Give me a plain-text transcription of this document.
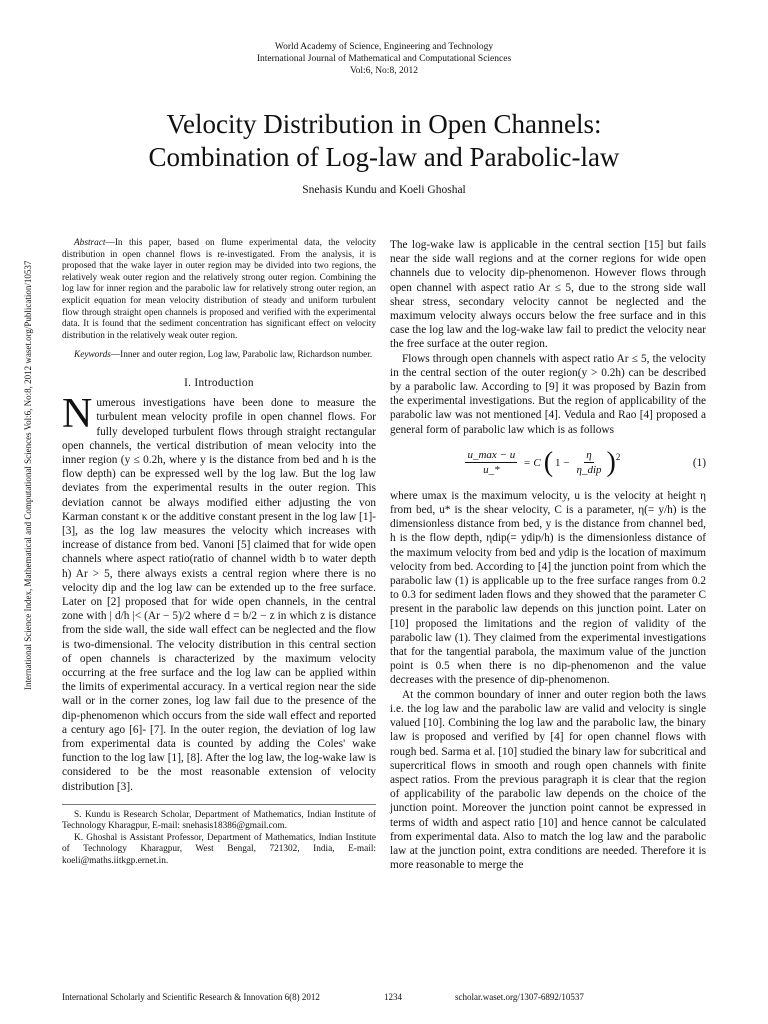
World Academy of Science, Engineering and Technology
International Journal of Mathematical and Computational Sciences
Vol:6, No:8, 2012
Velocity Distribution in Open Channels:
Combination of Log-law and Parabolic-law
Snehasis Kundu and Koeli Ghoshal
International Science Index, Mathematical and Computational Sciences Vol:6, No:8, 2012 waset.org/Publication/10537

Abstract—In this paper, based on flume experimental data, the velocity distribution in open channel flows is re-investigated. From the analysis, it is proposed that the wake layer in outer region may be divided into two regions, the relatively weak outer region and the relatively strong outer region. Combining the log law for inner region and the parabolic law for relatively strong outer region, an explicit equation for mean velocity distribution of steady and uniform turbulent flow through straight open channels is proposed and verified with the experimental data. It is found that the sediment concentration has significant effect on velocity distribution in the relatively weak outer region.

Keywords—Inner and outer region, Log law, Parabolic law, Richardson number.

I. Introduction

Numerous investigations have been done to measure the turbulent mean velocity profile in open channel flows. For fully developed turbulent flows through straight rectangular open channels, the vertical distribution of mean velocity into the inner region (y ≤ 0.2h, where y is the distance from bed and h is the flow depth) can be expressed well by the log law. But the log law deviates from the experimental results in the outer region. This deviation cannot be always modified either adjusting the von Karman constant κ or the additive constant present in the log law [1]- [3], as the log law measures the velocity which increases with increase of distance from bed. Vanoni [5] claimed that for wide open channels where aspect ratio(ratio of channel width b to water depth h) Ar > 5, there always exists a central region where there is no velocity dip and the log law can be extended up to the free surface. Later on [2] proposed that for wide open channels, in the central zone with | d/h |< (Ar − 5)/2 where d = b/2 − z in which z is distance from the side wall, the side wall effect can be neglected and the flow is two-dimensional. The velocity distribution in this central section of open channels is characterized by the maximum velocity occurring at the free surface and the log law can be applied within the limits of experimental accuracy. In a vertical region near the side wall or in the corner zones, log law fail due to the presence of the dip-phenomenon which occurs from the side wall effect and reported a century ago [6]- [7]. In the outer region, the deviation of log law from experimental data is counted by adding the Coles' wake function to the log law [1], [8]. After the log law, the log-wake law is considered to be the most reasonable extension of velocity distribution [3].

S. Kundu is Research Scholar, Department of Mathematics, Indian Institute of Technology Kharagpur, E-mail: snehasis18386@gmail.com.

K. Ghoshal is Assistant Professor, Department of Mathematics, Indian Institute of Technology Kharagpur, West Bengal, 721302, India, E-mail: koeli@maths.iitkgp.ernet.in.

The log-wake law is applicable in the central section [15] but fails near the side wall regions and at the corner regions for wide open channels due to velocity dip-phenomenon. However flows through open channel with aspect ratio Ar ≤ 5, due to the strong side wall shear stress, secondary velocity cannot be neglected and the maximum velocity always occurs below the free surface and in this case the log law and the log-wake law fail to predict the velocity near the free surface at the outer region.

Flows through open channels with aspect ratio Ar ≤ 5, the velocity in the central section of the outer region(y > 0.2h) can be described by a parabolic law. According to [9] it was proposed by Bazin from the experimental investigations. But the region of applicability of the parabolic law was not mentioned [4]. Vedula and Rao [4] proposed a general form of parabolic law which is as follows

$\frac{u\_\max - u}{u\_*} = C$ ( $1 - \frac{\eta}{\text{η\_dip}} )^2$	(1)

where umax is the maximum velocity, u is the velocity at height η from bed, u* is the shear velocity, C is a parameter, η(= y/h) is the dimensionless distance from bed, y is the distance from channel bed, h is the flow depth, ηdip(= ydip/h) is the dimensionless distance of the maximum velocity from bed and ydip is the location of maximum velocity from bed. According to [4] the junction point from which the parabolic law (1) is applicable up to the free surface ranges from 0.2 to 0.3 for sediment laden flows and they showed that the parameter C present in the parabolic law depends on this junction point. Later on [10] proposed the limitations and the region of validity of the parabolic law (1). They claimed from the experimental investigations that for the tangential parabola, the maximum value of the junction point is 0.5 when there is no dip-phenomenon and the value decreases with the presence of dip-phenomenon.

At the common boundary of inner and outer region both the laws i.e. the log law and the parabolic law are valid and velocity is single valued [10]. Combining the log law and the parabolic law, the binary law is proposed and verified by [4] for open channel flows with rough bed. Sarma et al. [10] studied the binary law for subcritical and supercritical flows in smooth and rough open channels with finite aspect ratios. From the previous paragraph it is clear that the region of applicability of the parabolic law depends on the choice of the junction point. Moreover the junction point cannot be expressed in terms of width and aspect ratio [10] and hence cannot be calculated from experimental data. Also to match the log law and the parabolic law at the junction point, extra conditions are needed. Therefore it is more reasonable to merge the

International Scholarly and Scientific Research & Innovation 6(8) 2012	1234	scholar.waset.org/1307-6892/10537
